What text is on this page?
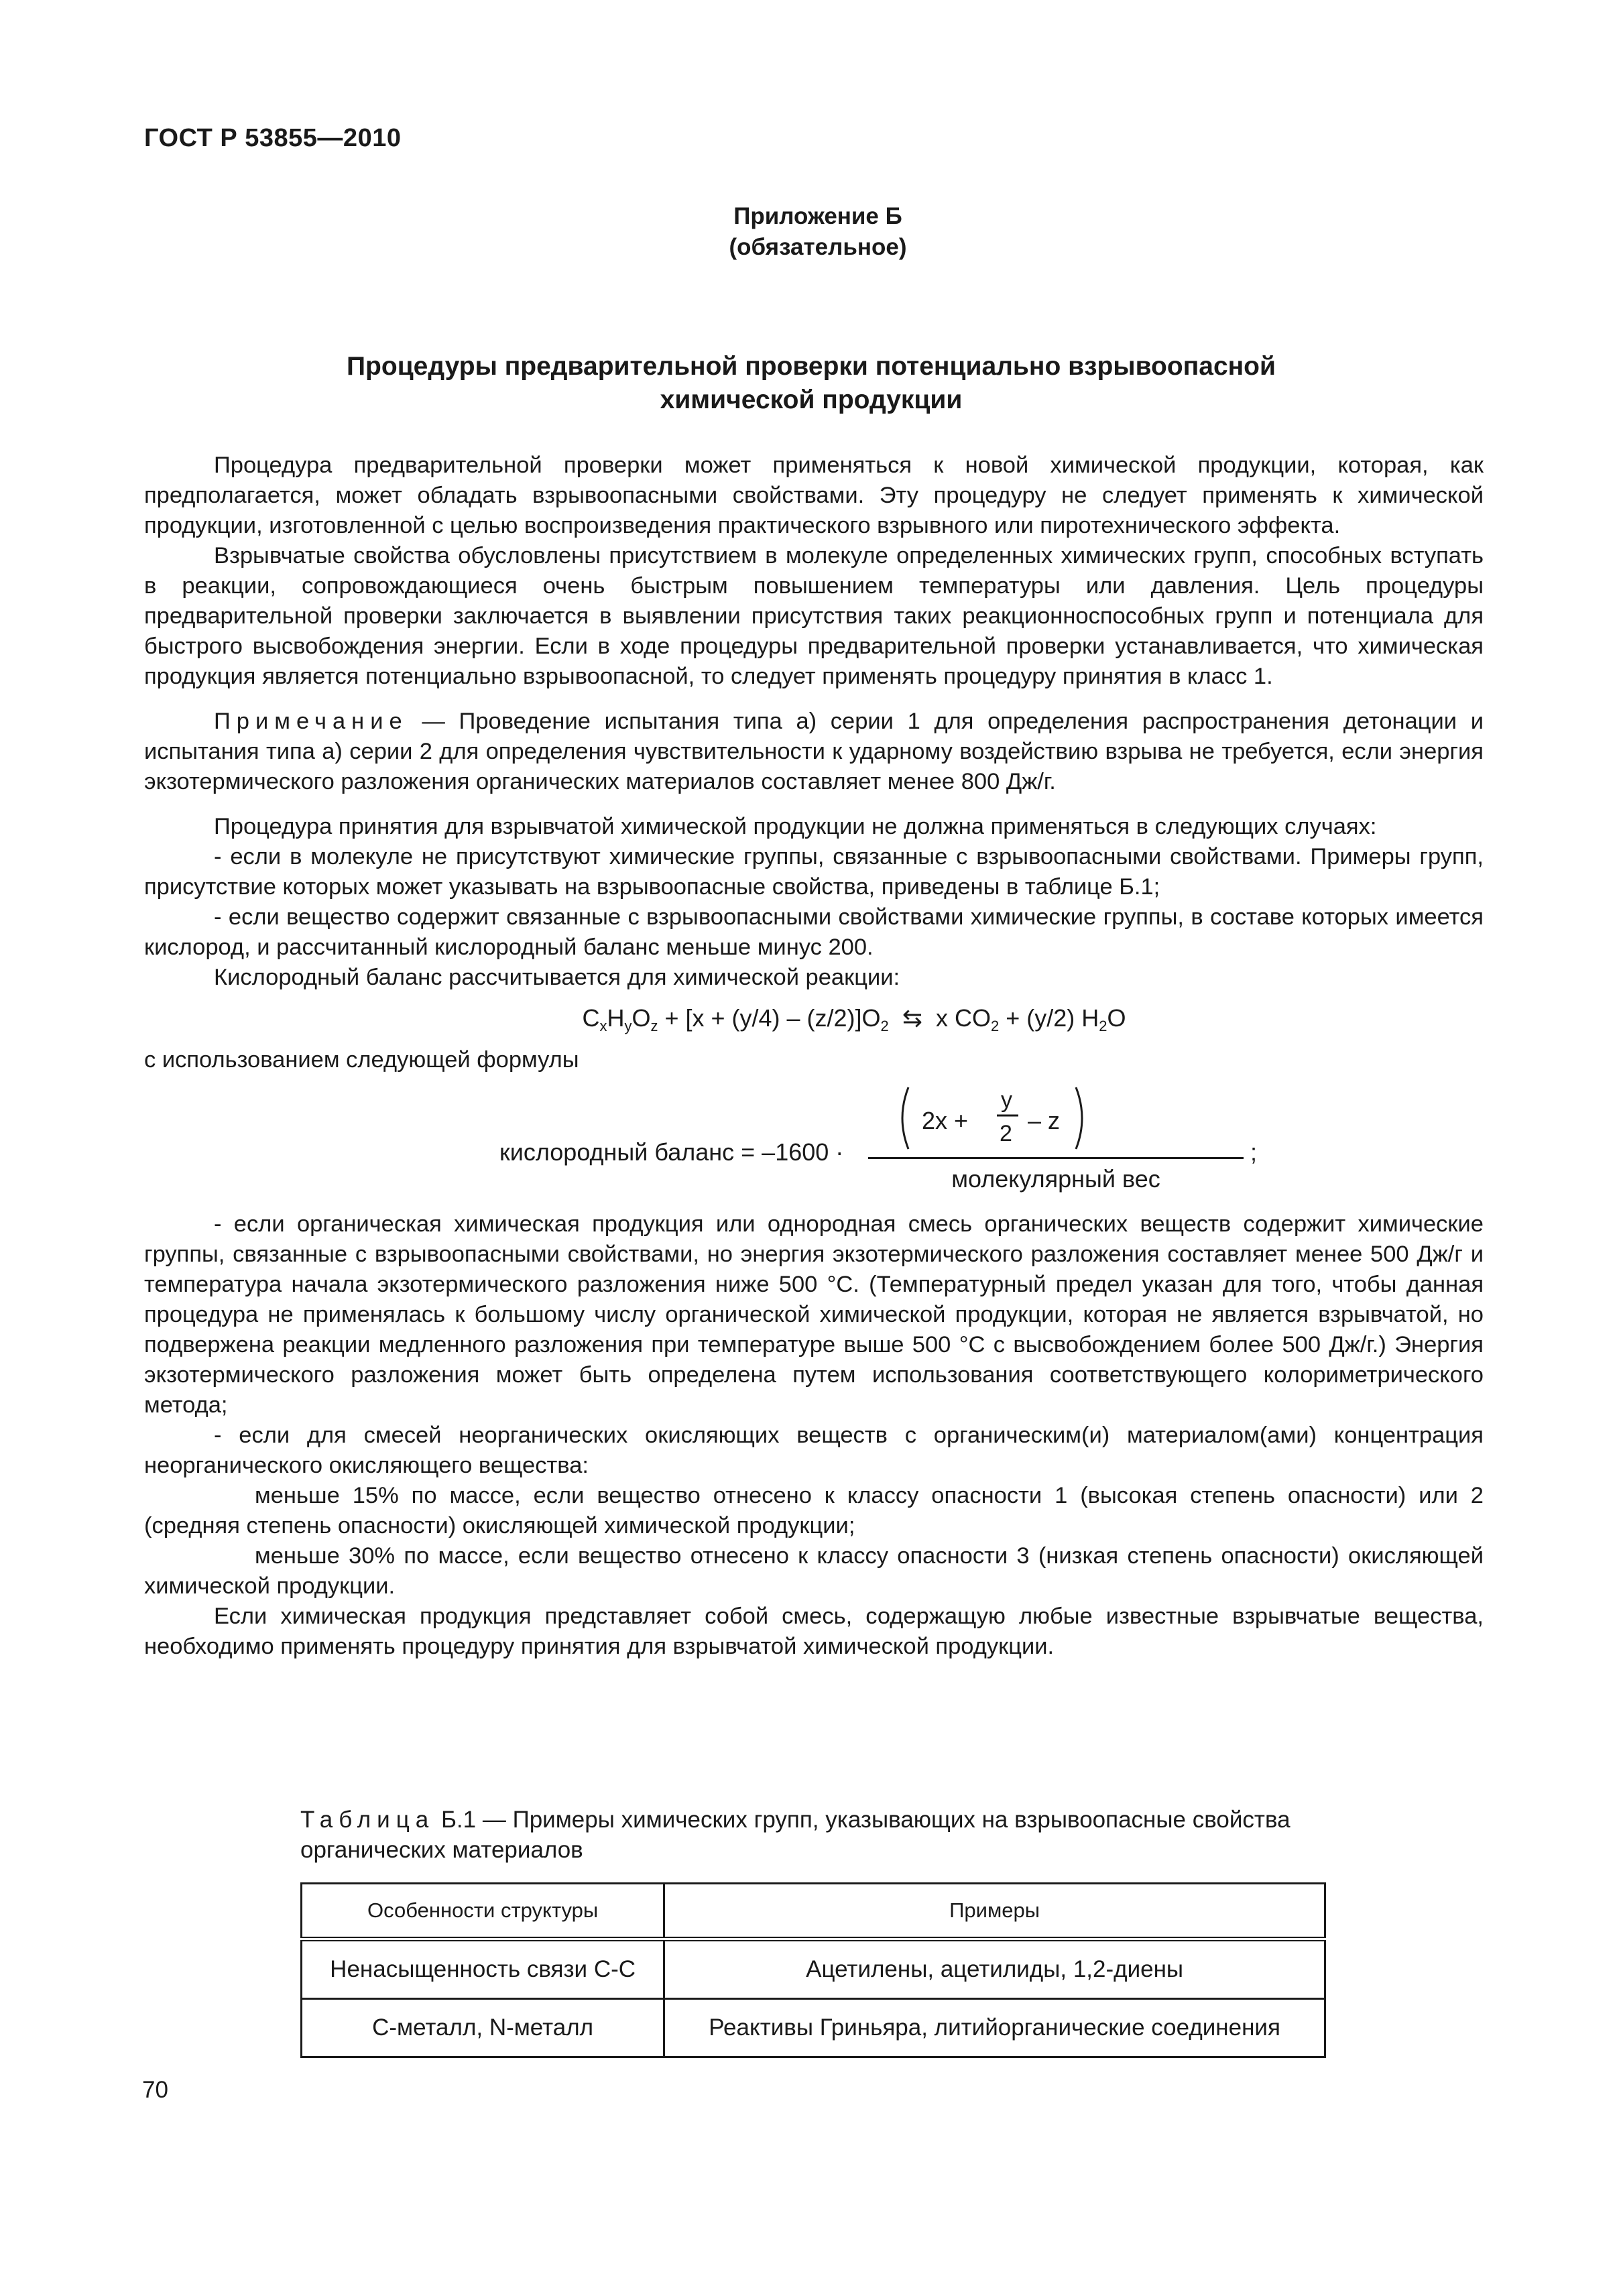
ГОСТ Р 53855—2010
Приложение Б
(обязательное)
Процедуры предварительной проверки потенциально взрывоопасной
химической продукции

Процедура предварительной проверки может применяться к новой химической продукции, которая, как предполагается, может обладать взрывоопасными свойствами. Эту процедуру не следует применять к химической продукции, изготовленной с целью воспроизведения практического взрывного или пиротехнического эффекта.

Взрывчатые свойства обусловлены присутствием в молекуле определенных химических групп, способных вступать в реакции, сопровождающиеся очень быстрым повышением температуры или давления. Цель процедуры предварительной проверки заключается в выявлении присутствия таких реакционноспособных групп и потенциала для быстрого высвобождения энергии. Если в ходе процедуры предварительной проверки устанавливается, что химическая продукция является потенциально взрывоопасной, то следует применять процедуру принятия в класс 1.

Примечание — Проведение испытания типа а) серии 1 для определения распространения детонации и испытания типа а) серии 2 для определения чувствительности к ударному воздействию взрыва не требуется, если энергия экзотермического разложения органических материалов составляет менее 800 Дж/г.

Процедура принятия для взрывчатой химической продукции не должна применяться в следующих случаях:

- если в молекуле не присутствуют химические группы, связанные с взрывоопасными свойствами. Примеры групп, присутствие которых может указывать на взрывоопасные свойства, приведены в таблице Б.1;

- если вещество содержит связанные с взрывоопасными свойствами химические группы, в составе которых имеется кислород, и рассчитанный кислородный баланс меньше минус 200.

Кислородный баланс рассчитывается для химической реакции:

$C_xH_yO_z + [x + (y/4) - (z/2)]O_2$ ⇆ x $CO_2 + (y/2)$ $H_2O$

с использованием следующей формулы

кислородный баланс = –1600 ·
2x +
y
2 – z
молекулярный вес
;

- если органическая химическая продукция или однородная смесь органических веществ содержит химические группы, связанные с взрывоопасными свойствами, но энергия экзотермического разложения составляет менее 500 Дж/г и температура начала экзотермического разложения ниже 500 °С. (Температурный предел указан для того, чтобы данная процедура не применялась к большому числу органической химической продукции, которая не является взрывчатой, но подвержена реакции медленного разложения при температуре выше 500 °С с высвобождением более 500 Дж/г.) Энергия экзотермического разложения может быть определена путем использования соответствующего колориметрического метода;

- если для смесей неорганических окисляющих веществ с органическим(и) материалом(ами) концентрация неорганического окисляющего вещества:

меньше 15% по массе, если вещество отнесено к классу опасности 1 (высокая степень опасности) или 2 (средняя степень опасности) окисляющей химической продукции;

меньше 30% по массе, если вещество отнесено к классу опасности 3 (низкая степень опасности) окисляющей химической продукции.

Если химическая продукция представляет собой смесь, содержащую любые известные взрывчатые вещества, необходимо применять процедуру принятия для взрывчатой химической продукции.

Таблица Б.1 — Примеры химических групп, указывающих на взрывоопасные свойства органических материалов
Особенности структуры	Примеры
Ненасыщенность связи С-С	Ацетилены, ацетилиды, 1,2-диены
С-металл, N-металл	Реактивы Гриньяра, литийорганические соединения
70
